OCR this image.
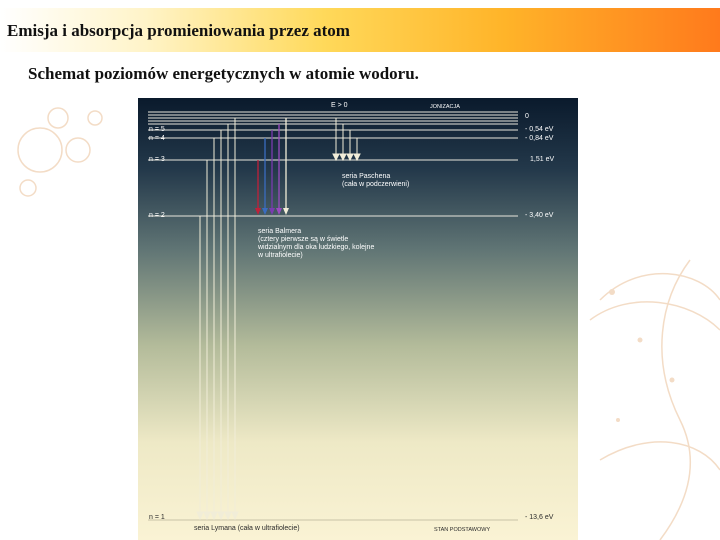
Emisja i absorpcja promieniowania przez atom
Schemat poziomów energetycznych w atomie wodoru.
E > 0	JONIZACJA
0
n = 5
n = 4
n = 3
n = 2
n = 1
- 0,54 eV
- 0,84 eV
1,51 eV
- 3,40 eV
- 13,6 eV
seria Paschena
(cała w podczerwieni)
seria Balmera
(cztery pierwsze są w świetle widzialnym dla oka ludzkiego, kolejne w ultrafiolecie)
seria Lymana (cała w ultrafiolecie)	STAN PODSTAWOWY
